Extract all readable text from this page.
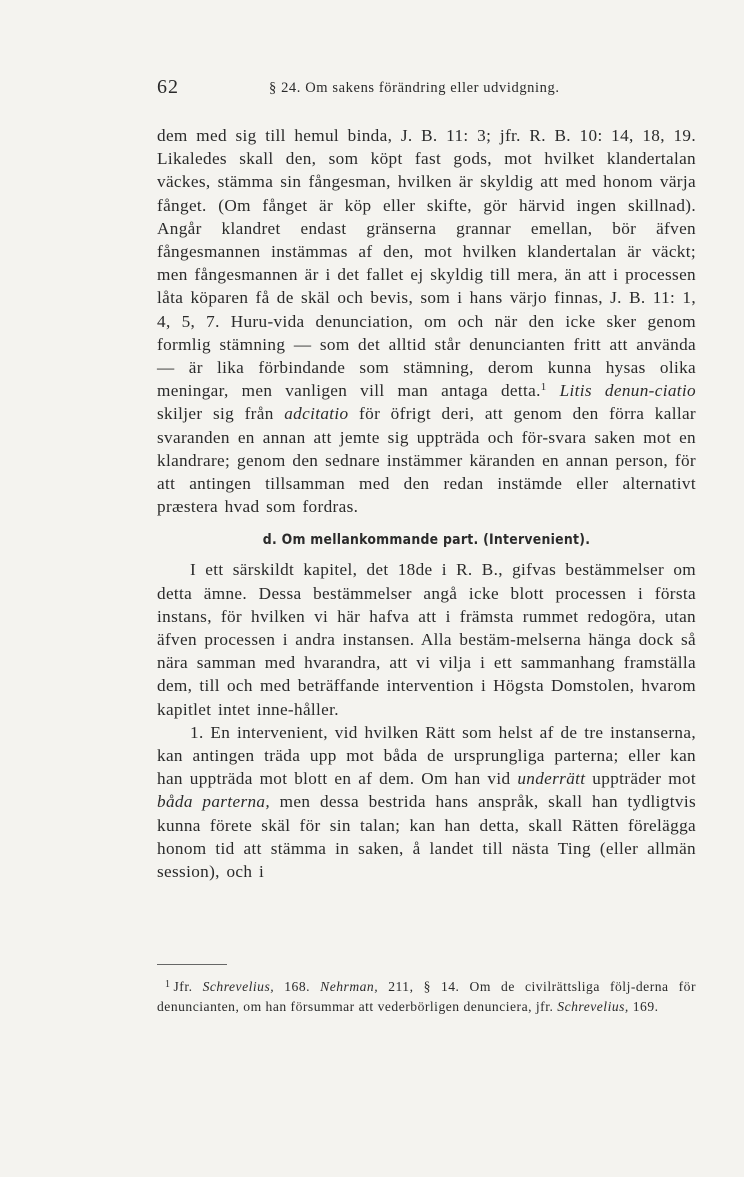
62	§ 24. Om sakens förändring eller udvidgning.

dem med sig till hemul binda, J. B. 11: 3; jfr. R. B. 10: 14, 18, 19. Likaledes skall den, som köpt fast gods, mot hvilket klandertalan väckes, stämma sin fångesman, hvilken är skyldig att med honom värja fånget. (Om fånget är köp eller skifte, gör härvid ingen skillnad). Angår klandret endast gränserna grannar emellan, bör äfven fångesmannen instämmas af den, mot hvilken klandertalan är väckt; men fångesmannen är i det fallet ej skyldig till mera, än att i processen låta köparen få de skäl och bevis, som i hans värjo finnas, J. B. 11: 1, 4, 5, 7. Huru-vida denunciation, om och när den icke sker genom formlig stämning — som det alltid står denuncianten fritt att använda — är lika förbindande som stämning, derom kunna hysas olika meningar, men vanligen vill man antaga detta.$^1$ Litis denun-ciatio skiljer sig från adcitatio för öfrigt deri, att genom den förra kallar svaranden en annan att jemte sig uppträda och för-svara saken mot en klandrare; genom den sednare instämmer käranden en annan person, för att antingen tillsamman med den redan instämde eller alternativt præstera hvad som fordras.

d. Om mellankommande part. (Intervenient).

I ett särskildt kapitel, det 18de i R. B., gifvas bestämmelser om detta ämne. Dessa bestämmelser angå icke blott processen i första instans, för hvilken vi här hafva att i främsta rummet redogöra, utan äfven processen i andra instansen. Alla bestäm-melserna hänga dock så nära samman med hvarandra, att vi vilja i ett sammanhang framställa dem, till och med beträffande intervention i Högsta Domstolen, hvarom kapitlet intet inne-håller.

1. En intervenient, vid hvilken Rätt som helst af de tre instanserna, kan antingen träda upp mot båda de ursprungliga parterna; eller kan han uppträda mot blott en af dem. Om han vid underrätt uppträder mot båda parterna, men dessa bestrida hans anspråk, skall han tydligtvis kunna förete skäl för sin talan; kan han detta, skall Rätten förelägga honom tid att stämma in saken, å landet till nästa Ting (eller allmän session), och i

$^1$ Jfr. Schrevelius, 168. Nehrman, 211, § 14. Om de civilrättsliga följ-derna för denuncianten, om han försummar att vederbörligen denunciera, jfr. Schrevelius, 169.
